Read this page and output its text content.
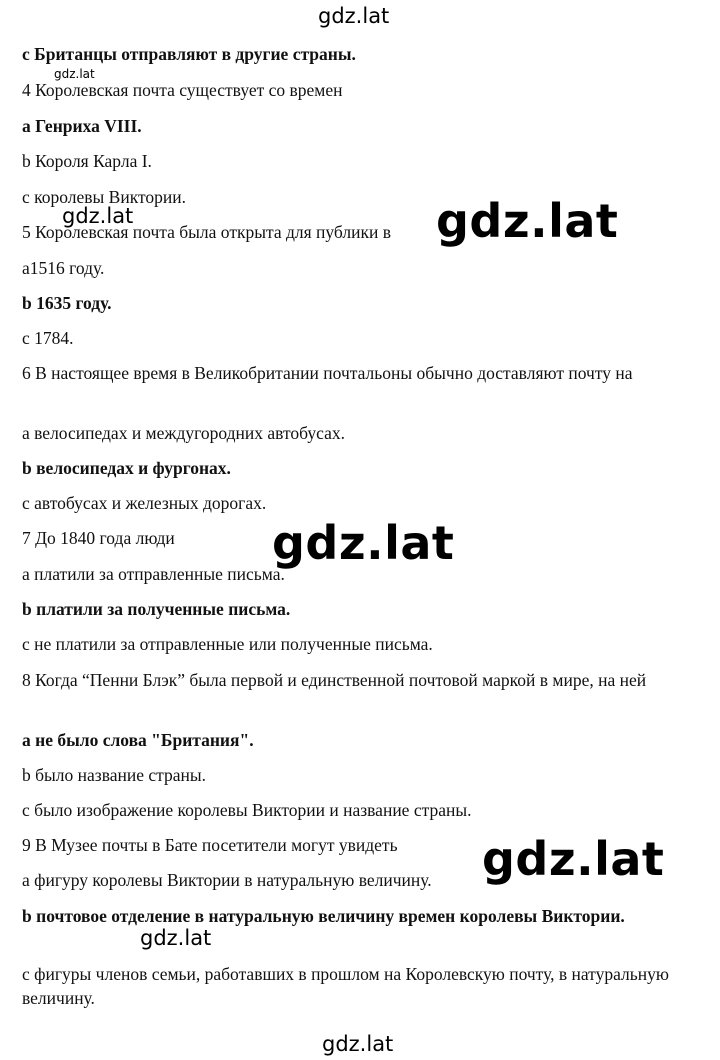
gdz.lat
gdz.lat
gdz.lat	gdz.lat
gdz.lat
gdz.lat
gdz.lat
gdz.lat
c Британцы отправляют в другие страны.
4 Королевская почта существует со времен
a Генриха VIII.
b Короля Карла I.
c королевы Виктории.
5 Королевская почта была открыта для публики в
a1516 году.
b 1635 году.
c 1784.
6 В настоящее время в Великобритании почтальоны обычно доставляют почту на
a велосипедах и междугородних автобусах.
b велосипедах и фургонах.
c автобусах и железных дорогах.
7 До 1840 года люди
a платили за отправленные письма.
b платили за полученные письма.
c не платили за отправленные или полученные письма.
8 Когда “Пенни Блэк” была первой и единственной почтовой маркой в мире, на ней
a не было слова "Британия".
b было название страны.
c было изображение королевы Виктории и название страны.
9 В Музее почты в Бате посетители могут увидеть
a фигуру королевы Виктории в натуральную величину.
b почтовое отделение в натуральную величину времен королевы Виктории.
c фигуры членов семьи, работавших в прошлом на Королевскую почту, в натуральную величину.
